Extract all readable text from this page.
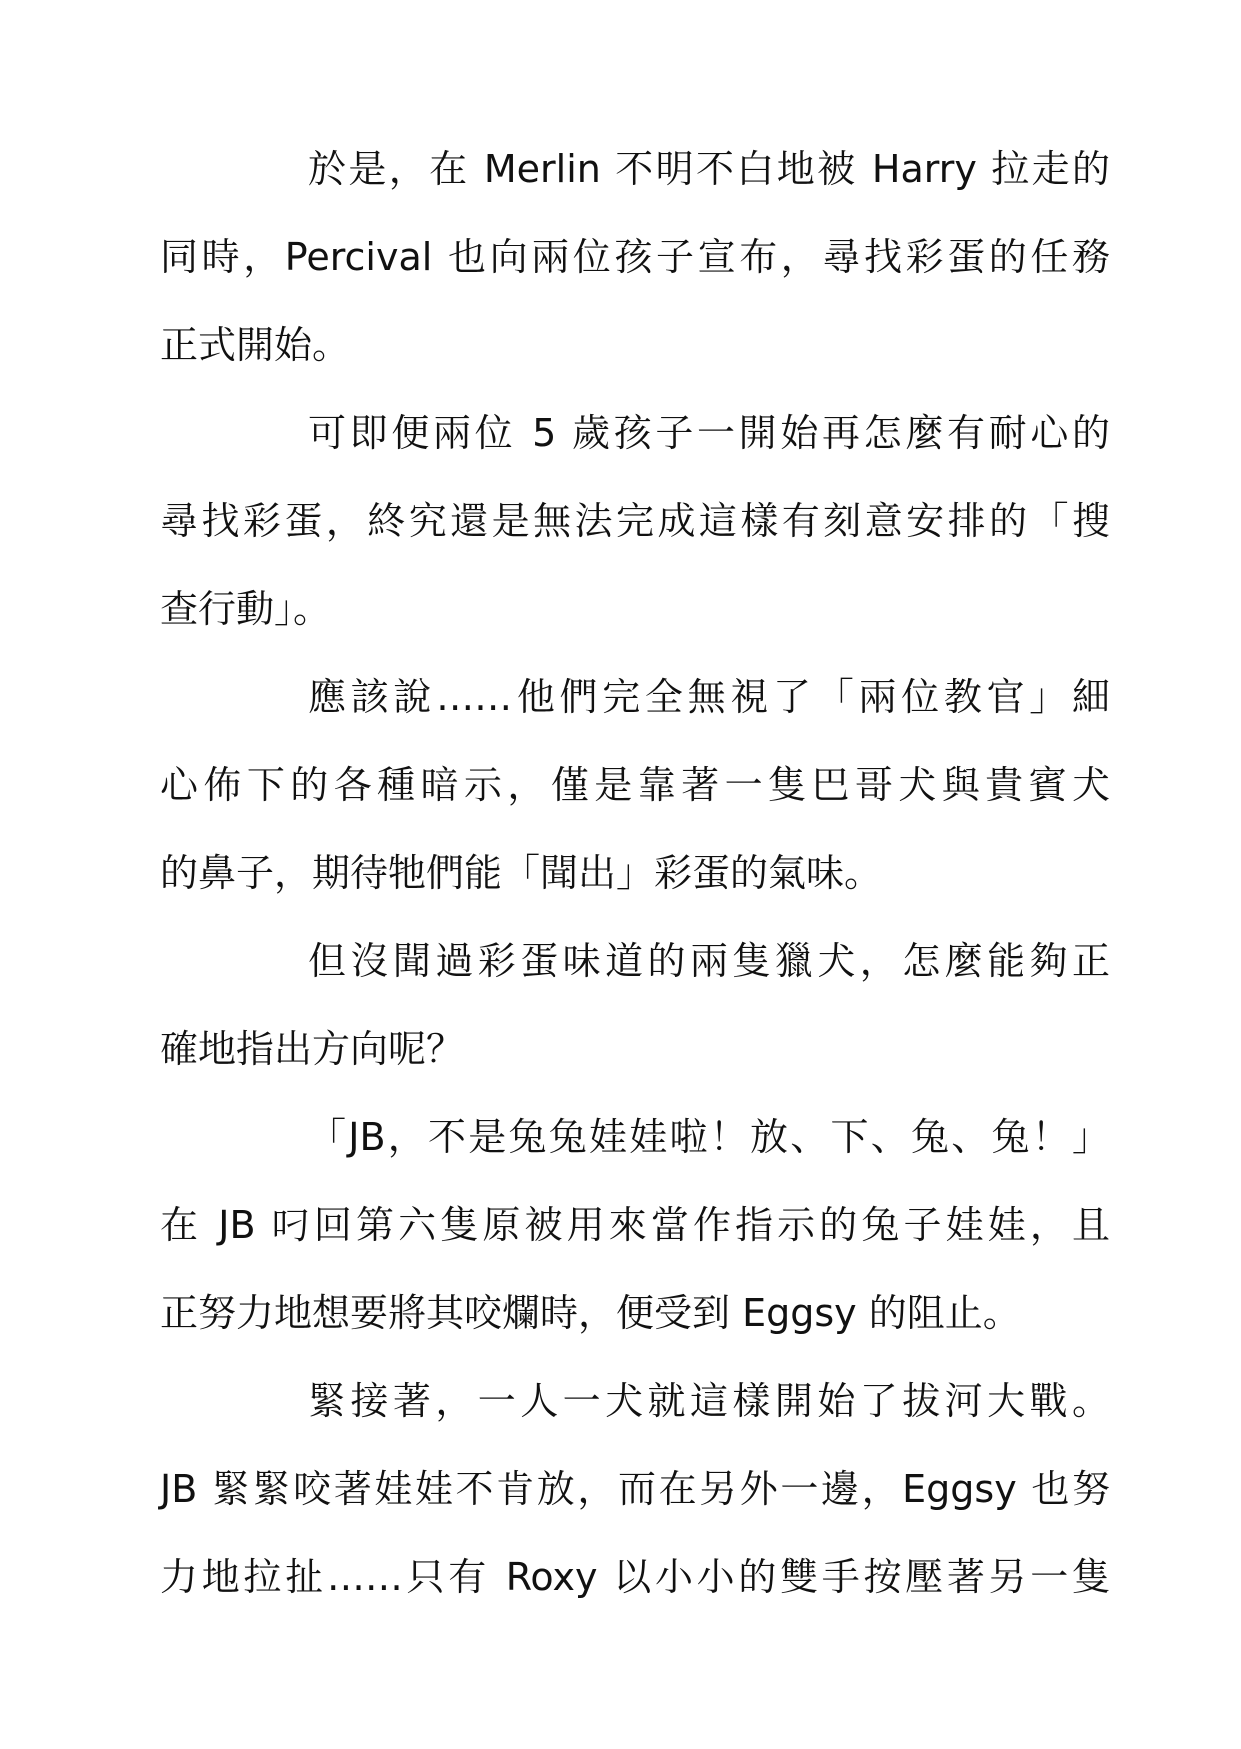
於是，在 Merlin 不明不白地被 Harry 拉走的
同時，Percival 也向兩位孩子宣布，尋找彩蛋的任務
正式開始。
可即便兩位 5 歲孩子一開始再怎麼有耐心的
尋找彩蛋，終究還是無法完成這樣有刻意安排的「搜
查行動」。
應該說……他們完全無視了「兩位教官」細
心佈下的各種暗示，僅是靠著一隻巴哥犬與貴賓犬
的鼻子，期待牠們能「聞出」彩蛋的氣味。
但沒聞過彩蛋味道的兩隻獵犬，怎麼能夠正
確地指出方向呢？
「JB，不是兔兔娃娃啦！放、下、兔、兔！」
在 JB 叼回第六隻原被用來當作指示的兔子娃娃，且
正努力地想要將其咬爛時，便受到 Eggsy 的阻止。
緊接著，一人一犬就這樣開始了拔河大戰。
JB 緊緊咬著娃娃不肯放，而在另外一邊，Eggsy 也努
力地拉扯……只有 Roxy 以小小的雙手按壓著另一隻
